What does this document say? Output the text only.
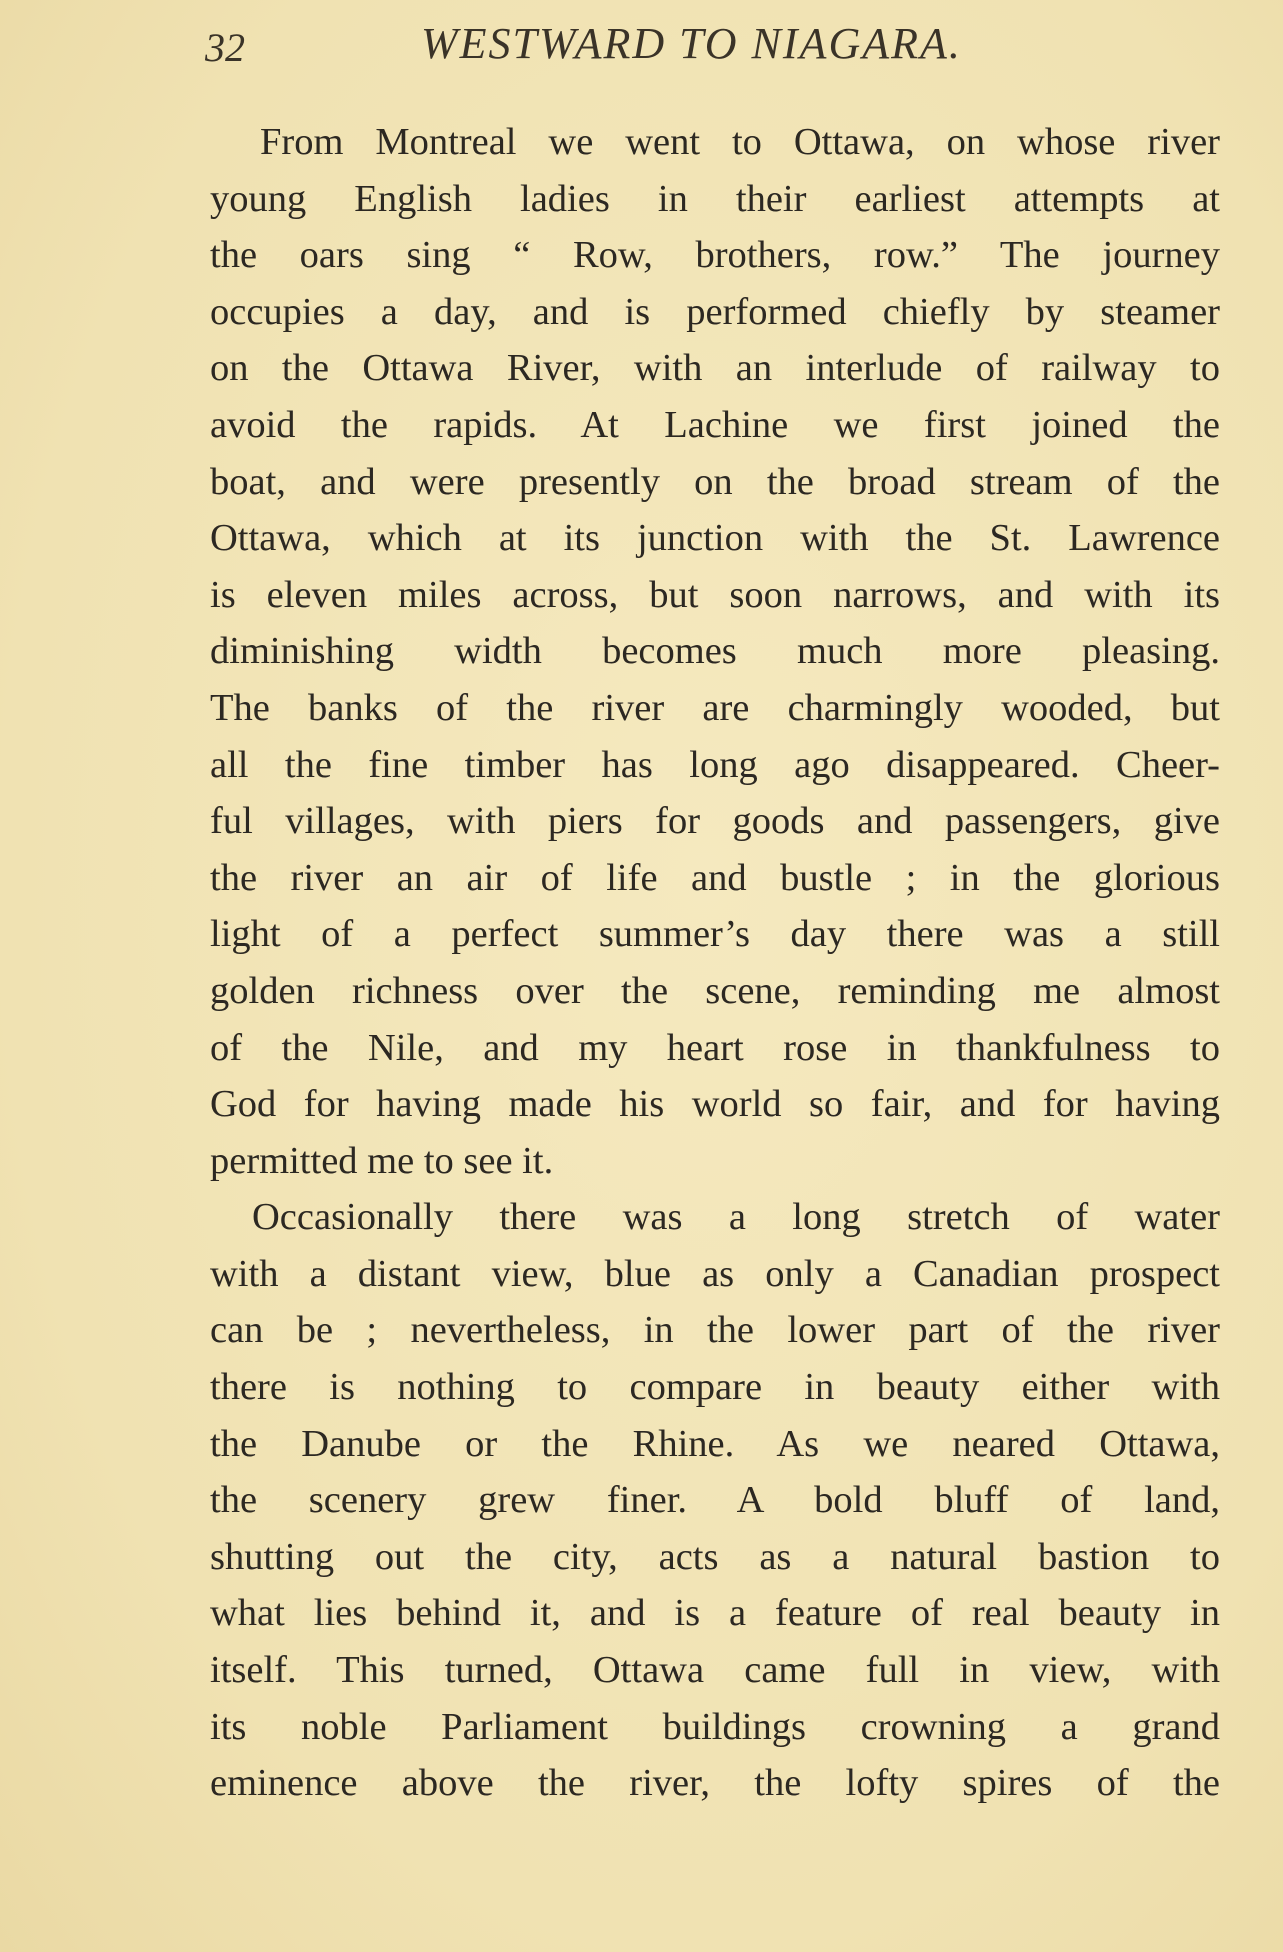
32	WESTWARD TO NIAGARA.
From Montreal we went to Ottawa, on whose river
young English ladies in their earliest attempts at
the oars sing “ Row, brothers, row.” The journey
occupies a day, and is performed chiefly by steamer
on the Ottawa River, with an interlude of railway to
avoid the rapids. At Lachine we first joined the
boat, and were presently on the broad stream of the
Ottawa, which at its junction with the St. Lawrence
is eleven miles across, but soon narrows, and with its
diminishing width becomes much more pleasing.
The banks of the river are charmingly wooded, but
all the fine timber has long ago disappeared. Cheer-
ful villages, with piers for goods and passengers, give
the river an air of life and bustle ; in the glorious
light of a perfect summer’s day there was a still
golden richness over the scene, reminding me almost
of the Nile, and my heart rose in thankfulness to
God for having made his world so fair, and for having
permitted me to see it.
Occasionally there was a long stretch of water
with a distant view, blue as only a Canadian prospect
can be ; nevertheless, in the lower part of the river
there is nothing to compare in beauty either with
the Danube or the Rhine. As we neared Ottawa,
the scenery grew finer. A bold bluff of land,
shutting out the city, acts as a natural bastion to
what lies behind it, and is a feature of real beauty in
itself. This turned, Ottawa came full in view, with
its noble Parliament buildings crowning a grand
eminence above the river, the lofty spires of the
